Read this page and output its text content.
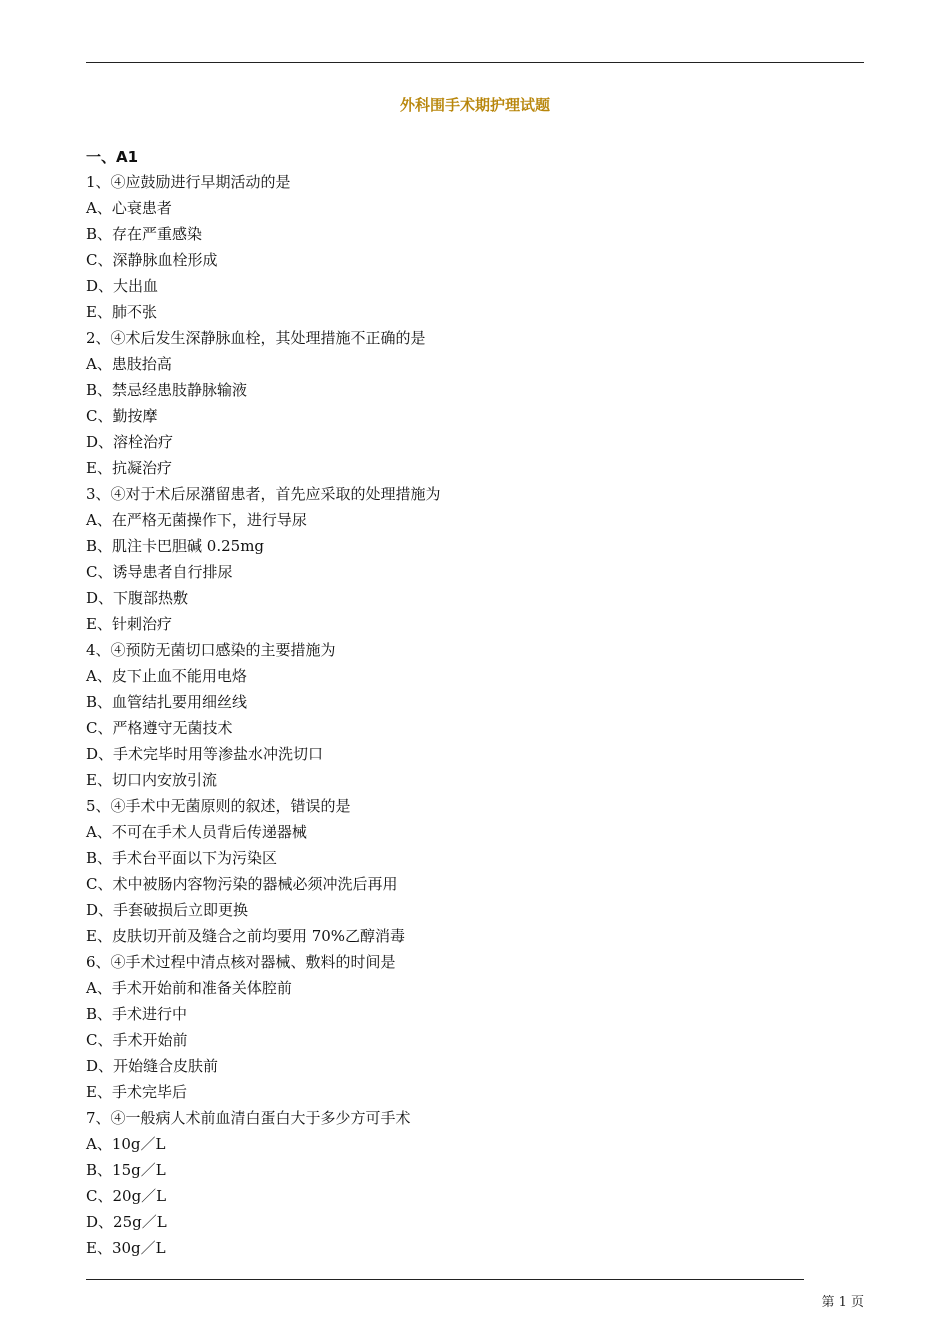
外科围手术期护理试题
一、A1
1、④应鼓励进行早期活动的是
A、心衰患者
B、存在严重感染
C、深静脉血栓形成
D、大出血
E、肺不张
2、④术后发生深静脉血栓，其处理措施不正确的是
A、患肢抬高
B、禁忌经患肢静脉输液
C、勤按摩
D、溶栓治疗
E、抗凝治疗
3、④对于术后尿潴留患者，首先应采取的处理措施为
A、在严格无菌操作下，进行导尿
B、肌注卡巴胆碱 0.25mg
C、诱导患者自行排尿
D、下腹部热敷
E、针刺治疗
4、④预防无菌切口感染的主要措施为
A、皮下止血不能用电烙
B、血管结扎要用细丝线
C、严格遵守无菌技术
D、手术完毕时用等渗盐水冲洗切口
E、切口内安放引流
5、④手术中无菌原则的叙述，错误的是
A、不可在手术人员背后传递器械
B、手术台平面以下为污染区
C、术中被肠内容物污染的器械必须冲洗后再用
D、手套破损后立即更换
E、皮肤切开前及缝合之前均要用 70%乙醇消毒
6、④手术过程中清点核对器械、敷料的时间是
A、手术开始前和准备关体腔前
B、手术进行中
C、手术开始前
D、开始缝合皮肤前
E、手术完毕后
7、④一般病人术前血清白蛋白大于多少方可手术
A、10g／L
B、15g／L
C、20g／L
D、25g／L
E、30g／L
第 1 页
